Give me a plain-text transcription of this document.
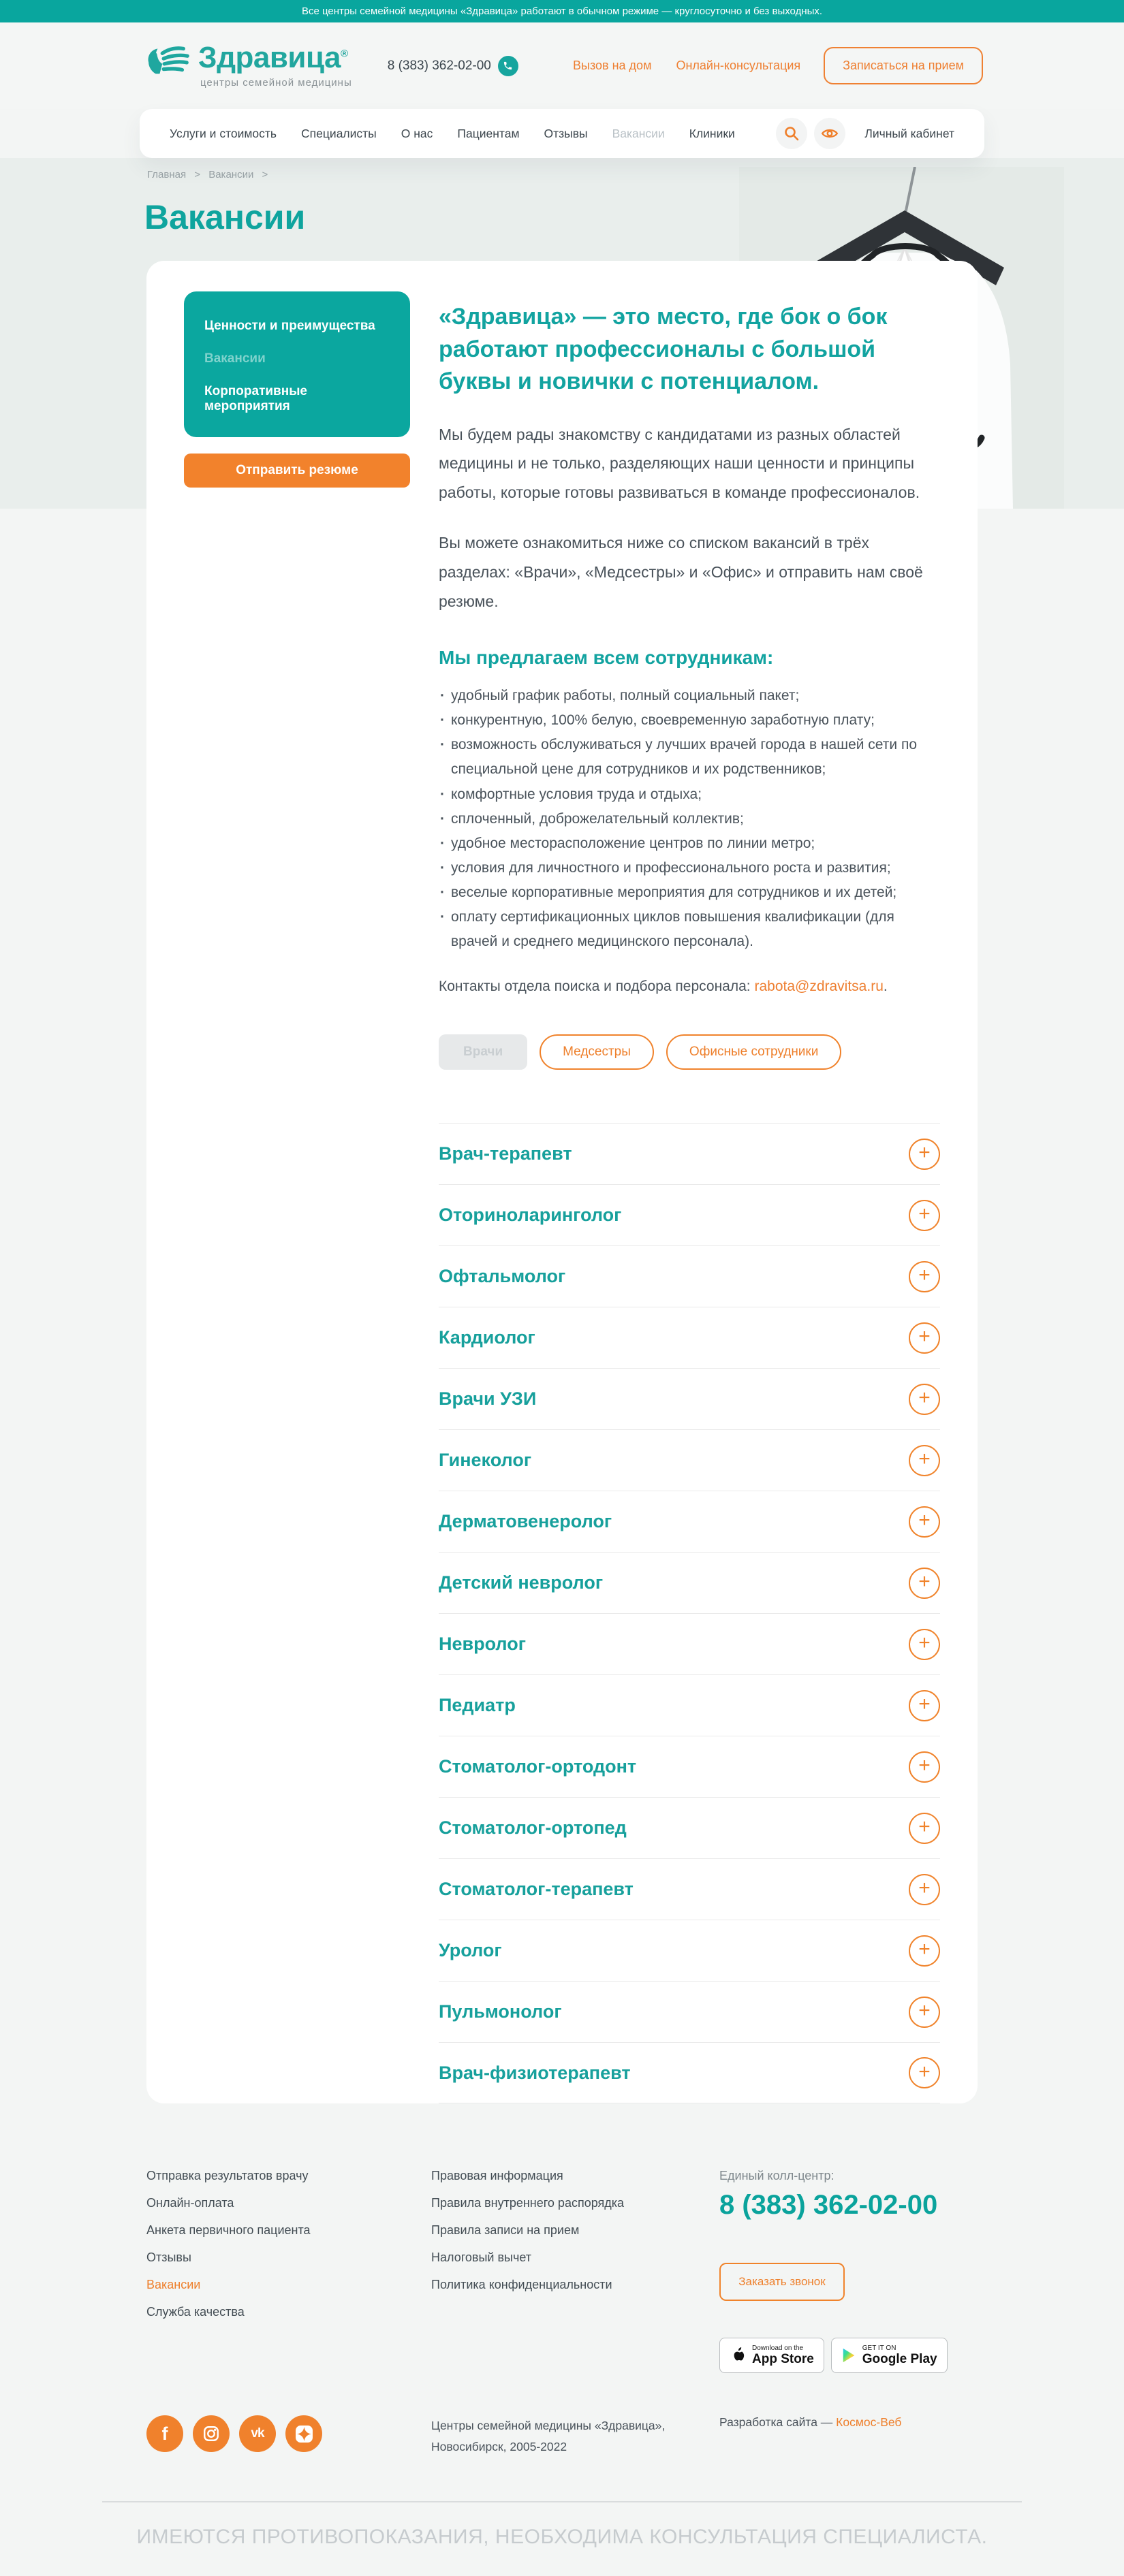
Все центры семейной медицины «Здравица» работают в обычном режиме — круглосуточно и без выходных.
Здравица®
центры семейной медицины
8 (383) 362-02-00	Вызов на дом Онлайн-консультация	Записаться на прием
Услуги и стоимость Специалисты О нас Пациентам Отзывы Вакансии Клиники	Личный кабинет
Главная > Вакансии >
Вакансии
Ценности и преимущества
Вакансии
Корпоративные мероприятия
Отправить резюме
«Здравица» — это место, где бок о бок работают профессионалы с большой буквы и новички с потенциалом.

Мы будем рады знакомству с кандидатами из разных областей медицины и не только, разделяющих наши ценности и принципы работы, которые готовы развиваться в команде профессионалов.

Вы можете ознакомиться ниже со списком вакансий в трёх разделах: «Врачи», «Медсестры» и «Офис» и отправить нам своё резюме.

Мы предлагаем всем сотрудникам:
· удобный график работы, полный социальный пакет;
· конкурентную, 100% белую, своевременную заработную плату;
· возможность обслуживаться у лучших врачей города в нашей сети по специальной цене для сотрудников и их родственников;
· комфортные условия труда и отдыха;
· сплоченный, доброжелательный коллектив;
· удобное месторасположение центров по линии метро;
· условия для личностного и профессионального роста и развития;
· веселые корпоративные мероприятия для сотрудников и их детей;
· оплату сертификационных циклов повышения квалификации (для врачей и среднего медицинского персонала).

Контакты отдела поиска и подбора персонала: rabota@zdravitsa.ru.

Врачи	Медсестры	Офисные сотрудники
Врач-терапевт	+
Оториноларинголог	+
Офтальмолог	+
Кардиолог	+
Врачи УЗИ	+
Гинеколог	+
Дерматовенеролог	+
Детский невролог	+
Невролог	+
Педиатр	+
Стоматолог-ортодонт	+
Стоматолог-ортопед	+
Стоматолог-терапевт	+
Уролог	+
Пульмонолог	+
Врач-физиотерапевт	+
Отправка результатов врачу
Онлайн-оплата
Анкета первичного пациента
Отзывы
Вакансии
Служба качества
Правовая информация
Правила внутреннего распорядка
Правила записи на прием
Налоговый вычет
Политика конфиденциальности
Единый колл-центр:
8 (383) 362-02-00
Заказать звонок
Download on the
App Store
GET IT ON
Google Play
f	vk
Центры семейной медицины «Здравица»,
Новосибирск, 2005-2022
Разработка сайта — Космос-Веб
ИМЕЮТСЯ ПРОТИВОПОКАЗАНИЯ, НЕОБХОДИМА КОНСУЛЬТАЦИЯ СПЕЦИАЛИСТА.
